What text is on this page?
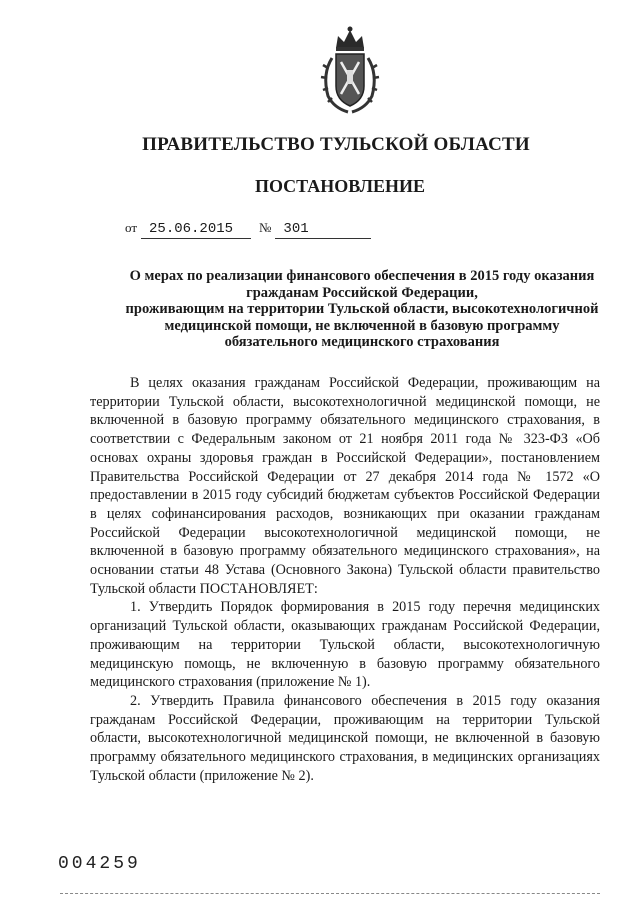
ПРАВИТЕЛЬСТВО ТУЛЬСКОЙ ОБЛАСТИ
ПОСТАНОВЛЕНИЕ
от 25.06.2015	№ 301
О мерах по реализации финансового обеспечения в 2015 году оказания
гражданам Российской Федерации,
проживающим на территории Тульской области, высокотехнологичной
медицинской помощи, не включенной в базовую программу
обязательного медицинского страхования

В целях оказания гражданам Российской Федерации, проживающим на территории Тульской области, высокотехнологичной медицинской помощи, не включенной в базовую программу обязательного медицинского страхования, в соответствии с Федеральным законом от 21 ноября 2011 года № 323-ФЗ «Об основах охраны здоровья граждан в Российской Федерации», постановлением Правительства Российской Федерации от 27 декабря 2014 года № 1572 «О предоставлении в 2015 году субсидий бюджетам субъектов Российской Федерации в целях софинансирования расходов, возникающих при оказании гражданам Российской Федерации высокотехнологичной медицинской помощи, не включенной в базовую программу обязательного медицинского страхования», на основании статьи 48 Устава (Основного Закона) Тульской области правительство Тульской области ПОСТАНОВЛЯЕТ:

1. Утвердить Порядок формирования в 2015 году перечня медицинских организаций Тульской области, оказывающих гражданам Российской Федерации, проживающим на территории Тульской области, высокотехнологичную медицинскую помощь, не включенную в базовую программу обязательного медицинского страхования (приложение № 1).

2. Утвердить Правила финансового обеспечения в 2015 году оказания гражданам Российской Федерации, проживающим на территории Тульской области, высокотехнологичной медицинской помощи, не включенной в базовую программу обязательного медицинского страхования, в медицинских организациях Тульской области (приложение № 2).

004259
